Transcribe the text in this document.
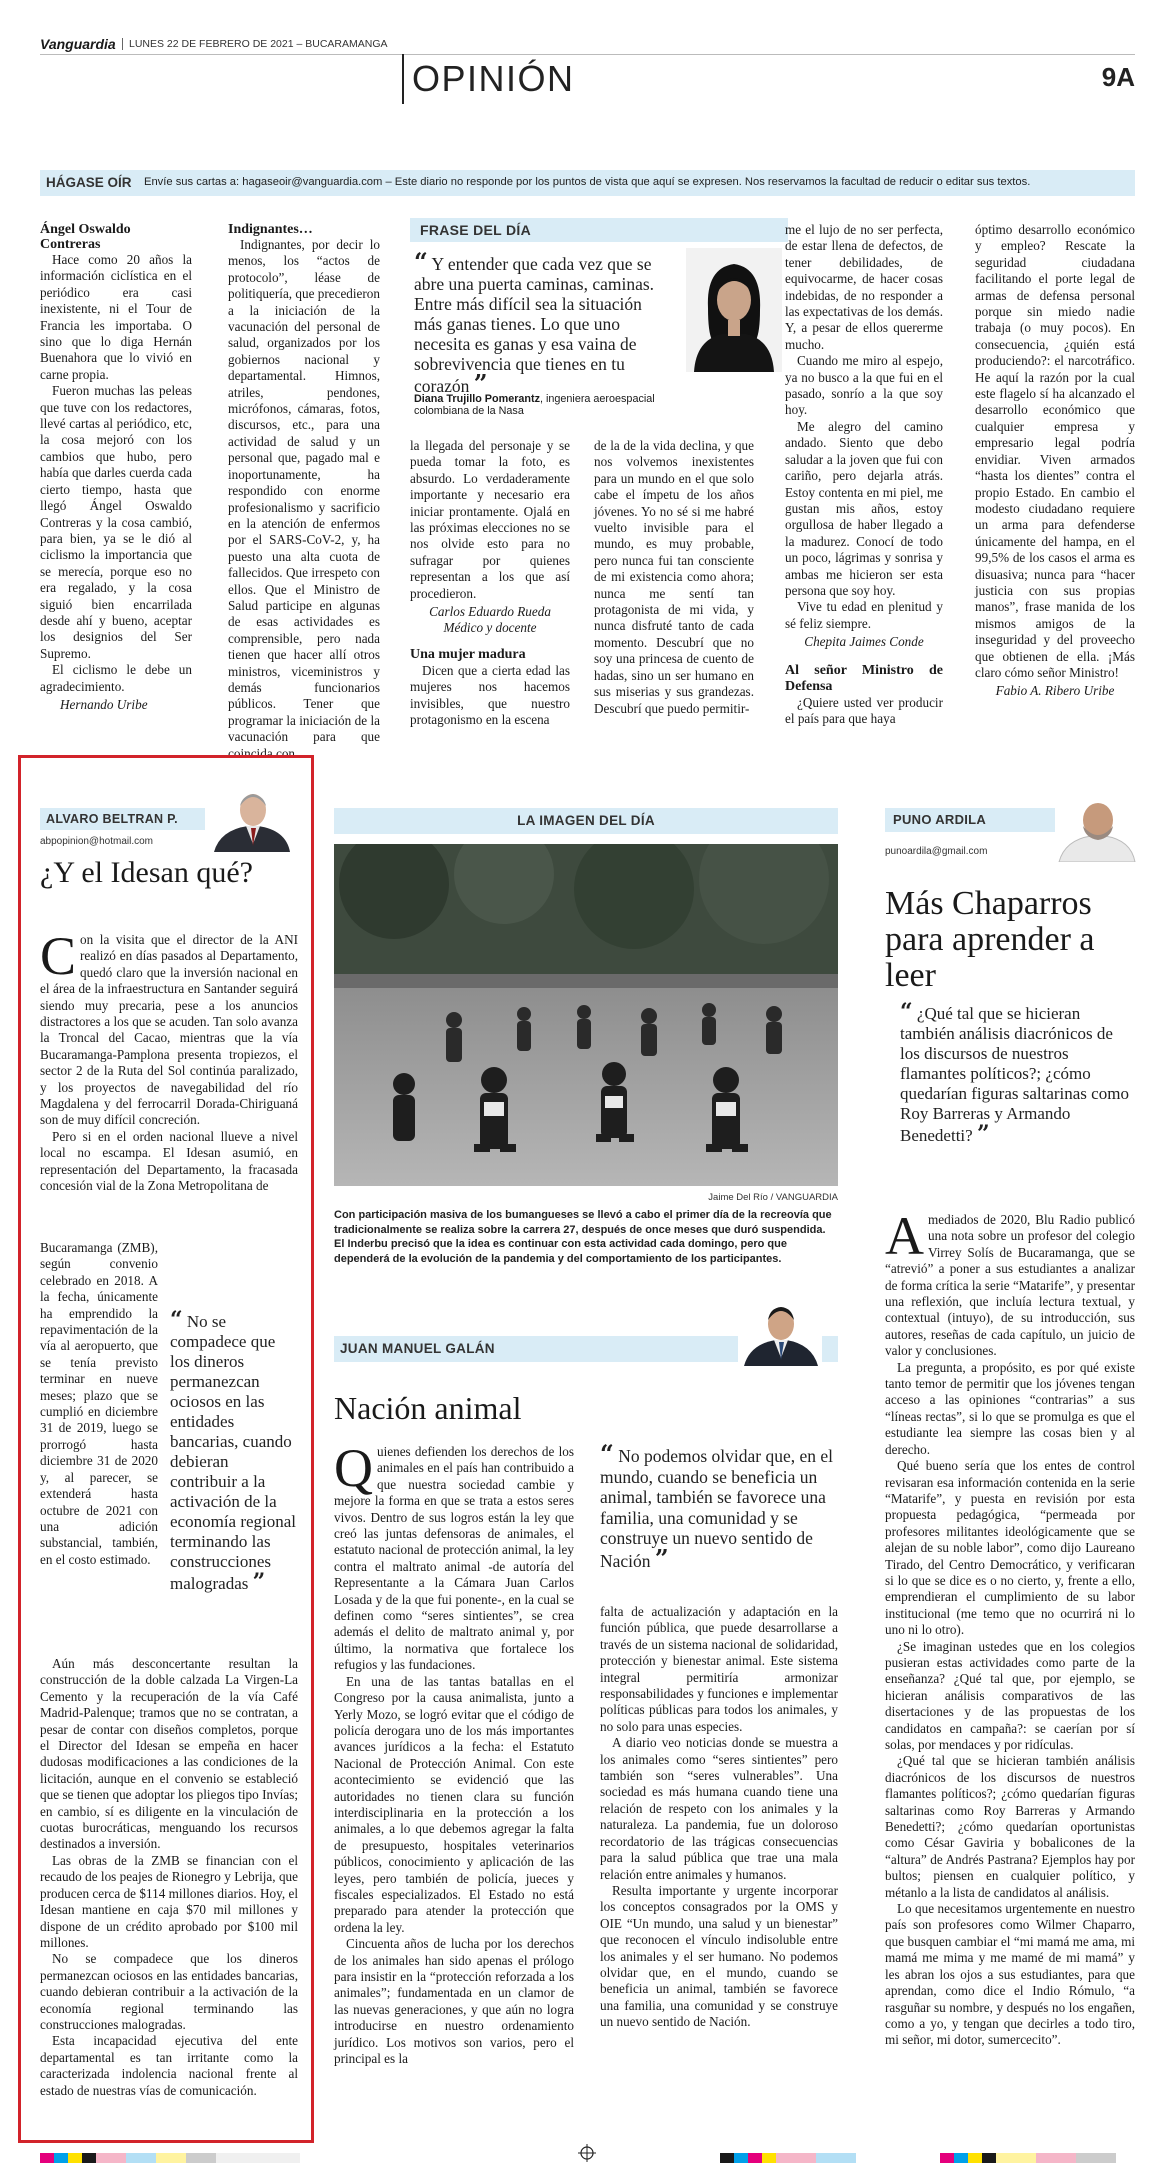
Vanguardia	LUNES 22 DE FEBRERO DE 2021 – BUCARAMANGA
OPINIÓN	9A
HÁGASE OÍR Envíe sus cartas a: hagaseoir@vanguardia.com – Este diario no responde por los puntos de vista que aquí se expresen. Nos reservamos la facultad de reducir o editar sus textos.
Ángel Oswaldo Contreras

Hace como 20 años la información ciclística en el periódico era casi inexistente, ni el Tour de Francia les importaba. O sino que lo diga Hernán Buenahora que lo vivió en carne propia.

Fueron muchas las peleas que tuve con los redactores, llevé cartas al periódico, etc, la cosa mejoró con los cambios que hubo, pero había que darles cuerda cada cierto tiempo, hasta que llegó Ángel Oswaldo Contreras y la cosa cambió, para bien, ya se le dió al ciclismo la importancia que se merecía, porque eso no era regalado, y la cosa siguió bien encarrilada desde ahí y bueno, aceptar los designios del Ser Supremo.

El ciclismo le debe un agradecimiento.

Hernando Uribe
Indignantes…

Indignantes, por decir lo menos, los “actos de protocolo”, léase de politiquería, que precedieron a la iniciación de la vacunación del personal de salud, organizados por los gobiernos nacional y departamental. Himnos, atriles, pendones, micrófonos, cámaras, fotos, discursos, etc., para una actividad de salud y un personal que, pagado mal e inoportunamente, ha respondido con enorme profesionalismo y sacrificio en la atención de enfermos por el SARS-CoV-2, y, ha puesto una alta cuota de fallecidos. Que irrespeto con ellos. Que el Ministro de Salud participe en algunas de esas actividades es comprensible, pero nada tienen que hacer allí otros ministros, viceministros y demás funcionarios públicos. Tener que programar la iniciación de la vacunación para que coincida con

FRASE DEL DÍA
“ Y entender que cada vez que se abre una puerta caminas, caminas. Entre más difícil sea la situación más ganas tienes. Lo que uno necesita es ganas y esa vaina de sobrevivencia que tienes en tu corazón ”
Diana Trujillo Pomerantz, ingeniera aeroespacial colombiana de la Nasa

la llegada del personaje y se pueda tomar la foto, es absurdo. Lo verdaderamente importante y necesario era iniciar prontamente. Ojalá en las próximas elecciones no se nos olvide esto para no sufragar por quienes representan a los que así procedieron.

Carlos Eduardo Rueda
Médico y docente
Una mujer madura

Dicen que a cierta edad las mujeres nos hacemos invisibles, que nuestro protagonismo en la escena

de la de la vida declina, y que nos volvemos inexistentes para un mundo en el que solo cabe el ímpetu de los años jóvenes. Yo no sé si me habré vuelto invisible para el mundo, es muy probable, pero nunca fui tan consciente de mi existencia como ahora; nunca me sentí tan protagonista de mi vida, y nunca disfruté tanto de cada momento. Descubrí que no soy una princesa de cuento de hadas, sino un ser humano en sus miserias y sus grandezas. Descubrí que puedo permitir-

me el lujo de no ser perfecta, de estar llena de defectos, de tener debilidades, de equivocarme, de hacer cosas indebidas, de no responder a las expectativas de los demás. Y, a pesar de ellos quererme mucho.

Cuando me miro al espejo, ya no busco a la que fui en el pasado, sonrío a la que soy hoy.

Me alegro del camino andado. Siento que debo saludar a la joven que fui con cariño, pero dejarla atrás. Estoy contenta en mi piel, me gustan mis años, estoy orgullosa de haber llegado a la madurez. Conocí de todo un poco, lágrimas y sonrisa y ambas me hicieron ser esta persona que soy hoy.

Vive tu edad en plenitud y sé feliz siempre.

Chepita Jaimes Conde
Al señor Ministro de Defensa

¿Quiere usted ver producir el país para que haya

óptimo desarrollo económico y empleo? Rescate la seguridad ciudadana facilitando el porte legal de armas de defensa personal porque sin miedo nadie trabaja (o muy pocos). En consecuencia, ¿quién está produciendo?: el narcotráfico. He aquí la razón por la cual este flagelo sí ha alcanzado el desarrollo económico que cualquier empresa y empresario legal podría envidiar. Viven armados “hasta los dientes” contra el propio Estado. En cambio el modesto ciudadano requiere un arma para defenderse únicamente del hampa, en el 99,5% de los casos el arma es disuasiva; nunca para “hacer justicia con sus propias manos”, frase manida de los mismos amigos de la inseguridad y del proveecho que obtienen de ella. ¡Más claro cómo señor Ministro!

Fabio A. Ribero Uribe
ALVARO BELTRAN P.
abpopinion@hotmail.com
¿Y el Idesan qué?
C on la visita que el director de la ANI realizó en días pasados al Departamento, quedó claro que la inversión nacional en el área de la infraestructura en Santander seguirá siendo muy precaria, pese a los anuncios distractores a los que se acuden. Tan solo avanza la Troncal del Cacao, mientras que la vía Bucaramanga-Pamplona presenta tropiezos, el sector 2 de la Ruta del Sol continúa paralizado, y los proyectos de navegabilidad del río Magdalena y del ferrocarril Dorada-Chiriguaná son de muy difícil concreción.

Pero si en el orden nacional llueve a nivel local no escampa. El Idesan asumió, en representación del Departamento, la fracasada concesión vial de la Zona Metropolitana de

Bucaramanga (ZMB), según convenio celebrado en 2018. A la fecha, únicamente ha emprendido la repavimentación de la vía al aeropuerto, que se tenía previsto terminar en nueve meses; plazo que se cumplió en diciembre 31 de 2019, luego se prorrogó hasta diciembre 31 de 2020 y, al parecer, se extenderá hasta octubre de 2021 con una adición substancial, también, en el costo estimado.

“ No se compadece que los dineros permanezcan ociosos en las entidades bancarias, cuando debieran contribuir a la activación de la economía regional terminando las construcciones malogradas ”

Aún más desconcertante resultan la construcción de la doble calzada La Virgen-La Cemento y la recuperación de la vía Café Madrid-Palenque; tramos que no se contratan, a pesar de contar con diseños completos, porque el Director del Idesan se empeña en hacer dudosas modificaciones a las condiciones de la licitación, aunque en el convenio se estableció que se tienen que adoptar los pliegos tipo Invías; en cambio, sí es diligente en la vinculación de cuotas burocráticas, menguando los recursos destinados a inversión.

Las obras de la ZMB se financian con el recaudo de los peajes de Rionegro y Lebrija, que producen cerca de $114 millones diarios. Hoy, el Idesan mantiene en caja $70 mil millones y dispone de un crédito aprobado por $100 mil millones.

No se compadece que los dineros permanezcan ociosos en las entidades bancarias, cuando debieran contribuir a la activación de la economía regional terminando las construcciones malogradas.

Esta incapacidad ejecutiva del ente departamental es tan irritante como la caracterizada indolencia nacional frente al estado de nuestras vías de comunicación.

LA IMAGEN DEL DÍA
Jaime Del Río / VANGUARDIA
Con participación masiva de los bumangueses se llevó a cabo el primer día de la recreovía que tradicionalmente se realiza sobre la carrera 27, después de once meses que duró suspendida. El Inderbu precisó que la idea es continuar con esta actividad cada domingo, pero que dependerá de la evolución de la pandemia y del comportamiento de los participantes.
JUAN MANUEL GALÁN
Nación animal
Q uienes defienden los derechos de los animales en el país han contribuido a que nuestra sociedad cambie y mejore la forma en que se trata a estos seres vivos. Dentro de sus logros están la ley que creó las juntas defensoras de animales, el estatuto nacional de protección animal, la ley contra el maltrato animal -de autoría del Representante a la Cámara Juan Carlos Losada y de la que fui ponente-, en la cual se definen como “seres sintientes”, se crea además el delito de maltrato animal y, por último, la normativa que fortalece los refugios y las fundaciones.

En una de las tantas batallas en el Congreso por la causa animalista, junto a Yerly Mozo, se logró evitar que el código de policía derogara uno de los más importantes avances jurídicos a la fecha: el Estatuto Nacional de Protección Animal. Con este acontecimiento se evidenció que las autoridades no tienen clara su función interdisciplinaria en la protección a los animales, a lo que debemos agregar la falta de presupuesto, hospitales veterinarios públicos, conocimiento y aplicación de las leyes, pero también de policía, jueces y fiscales especializados. El Estado no está preparado para atender la protección que ordena la ley.

Cincuenta años de lucha por los derechos de los animales han sido apenas el prólogo para insistir en la “protección reforzada a los animales”; fundamentada en un clamor de las nuevas generaciones, y que aún no logra introducirse en nuestro ordenamiento jurídico. Los motivos son varios, pero el principal es la

“ No podemos olvidar que, en el mundo, cuando se beneficia un animal, también se favorece una familia, una comunidad y se construye un nuevo sentido de Nación ”

falta de actualización y adaptación en la función pública, que puede desarrollarse a través de un sistema nacional de solidaridad, protección y bienestar animal. Este sistema integral permitiría armonizar responsabilidades y funciones e implementar políticas públicas para todos los animales, y no solo para unas especies.

A diario veo noticias donde se muestra a los animales como “seres sintientes” pero también son “seres vulnerables”. Una sociedad es más humana cuando tiene una relación de respeto con los animales y la naturaleza. La pandemia, fue un doloroso recordatorio de las trágicas consecuencias para la salud pública que trae una mala relación entre animales y humanos.

Resulta importante y urgente incorporar los conceptos consagrados por la OMS y OIE “Un mundo, una salud y un bienestar” que reconocen el vínculo indisoluble entre los animales y el ser humano. No podemos olvidar que, en el mundo, cuando se beneficia un animal, también se favorece una familia, una comunidad y se construye un nuevo sentido de Nación.

PUNO ARDILA
punoardila@gmail.com
Más Chaparros para aprender a leer
“ ¿Qué tal que se hicieran también análisis diacrónicos de los discursos de nuestros flamantes políticos?; ¿cómo quedarían figuras saltarinas como Roy Barreras y Armando Benedetti? ”
A mediados de 2020, Blu Radio publicó una nota sobre un profesor del colegio Virrey Solís de Bucaramanga, que se “atrevió” a poner a sus estudiantes a analizar de forma crítica la serie “Matarife”, y presentar una reflexión, que incluía lectura textual, y contextual (intuyo), de su introducción, sus autores, reseñas de cada capítulo, un juicio de valor y conclusiones.

La pregunta, a propósito, es por qué existe tanto temor de permitir que los jóvenes tengan acceso a las opiniones “contrarias” a sus “líneas rectas”, si lo que se promulga es que el estudiante lea siempre las cosas bien y al derecho.

Qué bueno sería que los entes de control revisaran esa información contenida en la serie “Matarife”, y puesta en revisión por esta propuesta pedagógica, “permeada por profesores militantes ideológicamente que se alejan de su noble labor”, como dijo Laureano Tirado, del Centro Democrático, y verificaran si lo que se dice es o no cierto, y, frente a ello, emprendieran el cumplimiento de su labor institucional (me temo que no ocurrirá ni lo uno ni lo otro).

¿Se imaginan ustedes que en los colegios pusieran estas actividades como parte de la enseñanza? ¿Qué tal que, por ejemplo, se hicieran análisis comparativos de las disertaciones y de las propuestas de los candidatos en campaña?: se caerían por sí solas, por mendaces y por ridículas.

¿Qué tal que se hicieran también análisis diacrónicos de los discursos de nuestros flamantes políticos?; ¿cómo quedarían figuras saltarinas como Roy Barreras y Armando Benedetti?; ¿cómo quedarían oportunistas como César Gaviria y bobalicones de la “altura” de Andrés Pastrana? Ejemplos hay por bultos; piensen en cualquier político, y métanlo a la lista de candidatos al análisis.

Lo que necesitamos urgentemente en nuestro país son profesores como Wilmer Chaparro, que busquen cambiar el “mi mamá me ama, mi mamá me mima y me mamé de mi mamá” y les abran los ojos a sus estudiantes, para que aprendan, como dice el Indio Rómulo, “a rasguñar su nombre, y después no los engañen, como a yo, y tengan que decirles a todo tiro, mi señor, mi dotor, sumercecito”.
